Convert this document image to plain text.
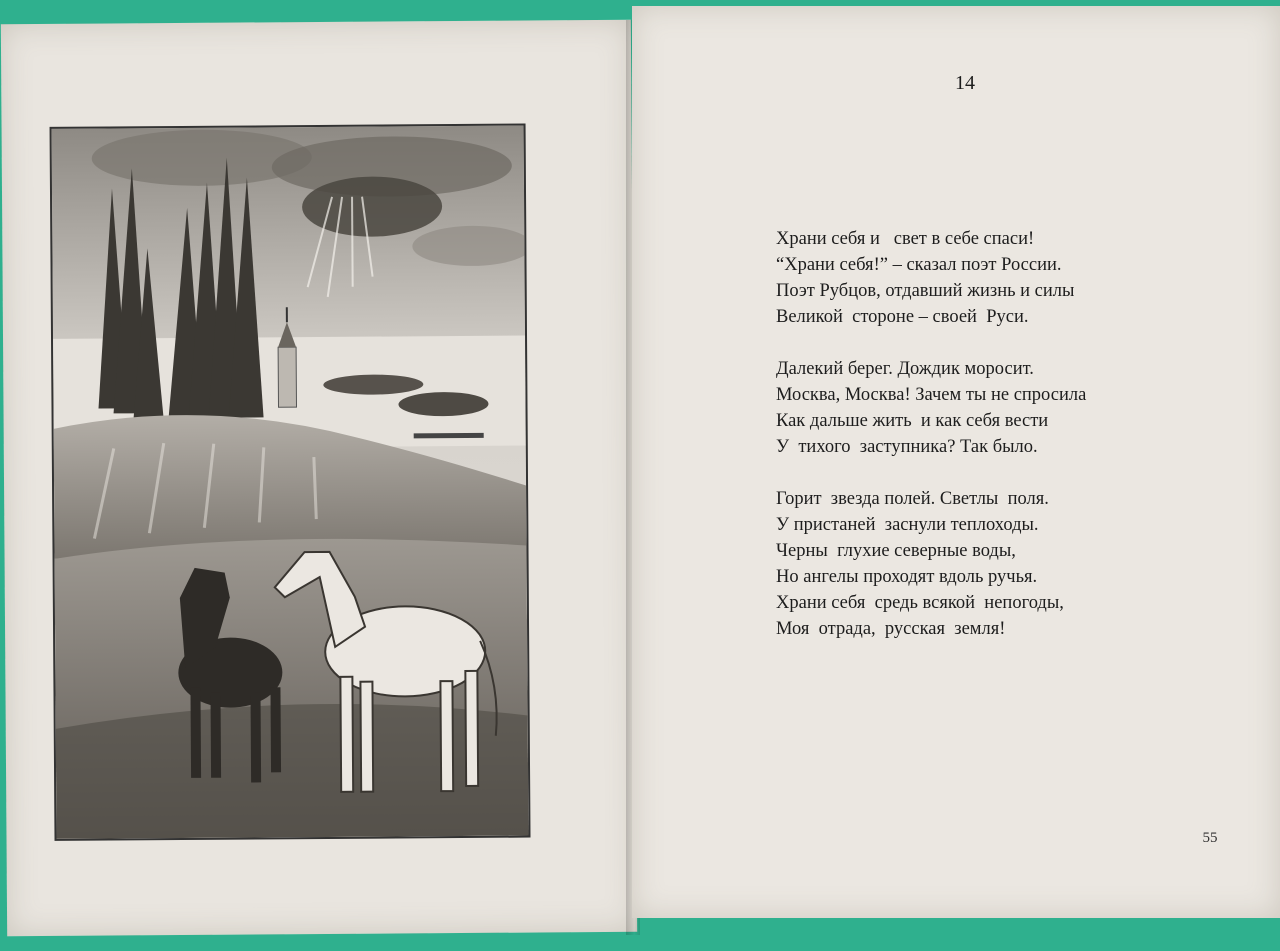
14
Храни себя и   свет в себе спаси!
“Храни себя!” – сказал поэт России.
Поэт Рубцов, отдавший жизнь и силы
Великой  стороне – своей  Руси.
Далекий берег. Дождик моросит.
Москва, Москва! Зачем ты не спросила
Как дальше жить  и как себя вести
У  тихого  заступника? Так было.
Горит  звезда полей. Светлы  поля.
У пристаней  заснули теплоходы.
Черны  глухие северные воды,
Но ангелы проходят вдоль ручья.
Храни себя  средь всякой  непогоды,
Моя  отрада,  русская  земля!
55
